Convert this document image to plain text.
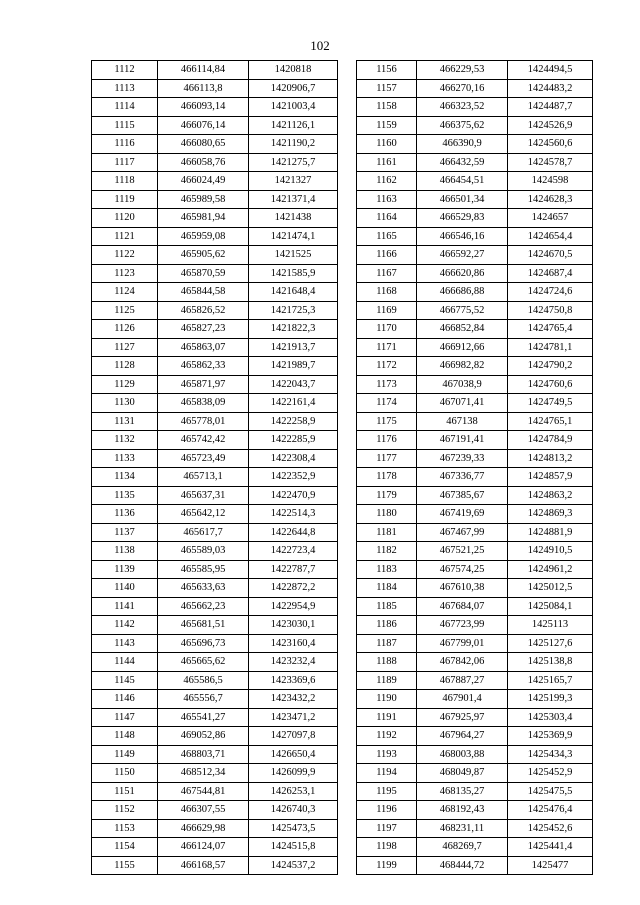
102
1112	466114,84	1420818
1113	466113,8	1420906,7
1114	466093,14	1421003,4
1115	466076,14	1421126,1
1116	466080,65	1421190,2
1117	466058,76	1421275,7
1118	466024,49	1421327
1119	465989,58	1421371,4
1120	465981,94	1421438
1121	465959,08	1421474,1
1122	465905,62	1421525
1123	465870,59	1421585,9
1124	465844,58	1421648,4
1125	465826,52	1421725,3
1126	465827,23	1421822,3
1127	465863,07	1421913,7
1128	465862,33	1421989,7
1129	465871,97	1422043,7
1130	465838,09	1422161,4
1131	465778,01	1422258,9
1132	465742,42	1422285,9
1133	465723,49	1422308,4
1134	465713,1	1422352,9
1135	465637,31	1422470,9
1136	465642,12	1422514,3
1137	465617,7	1422644,8
1138	465589,03	1422723,4
1139	465585,95	1422787,7
1140	465633,63	1422872,2
1141	465662,23	1422954,9
1142	465681,51	1423030,1
1143	465696,73	1423160,4
1144	465665,62	1423232,4
1145	465586,5	1423369,6
1146	465556,7	1423432,2
1147	465541,27	1423471,2
1148	469052,86	1427097,8
1149	468803,71	1426650,4
1150	468512,34	1426099,9
1151	467544,81	1426253,1
1152	466307,55	1426740,3
1153	466629,98	1425473,5
1154	466124,07	1424515,8
1155	466168,57	1424537,2
1156	466229,53	1424494,5
1157	466270,16	1424483,2
1158	466323,52	1424487,7
1159	466375,62	1424526,9
1160	466390,9	1424560,6
1161	466432,59	1424578,7
1162	466454,51	1424598
1163	466501,34	1424628,3
1164	466529,83	1424657
1165	466546,16	1424654,4
1166	466592,27	1424670,5
1167	466620,86	1424687,4
1168	466686,88	1424724,6
1169	466775,52	1424750,8
1170	466852,84	1424765,4
1171	466912,66	1424781,1
1172	466982,82	1424790,2
1173	467038,9	1424760,6
1174	467071,41	1424749,5
1175	467138	1424765,1
1176	467191,41	1424784,9
1177	467239,33	1424813,2
1178	467336,77	1424857,9
1179	467385,67	1424863,2
1180	467419,69	1424869,3
1181	467467,99	1424881,9
1182	467521,25	1424910,5
1183	467574,25	1424961,2
1184	467610,38	1425012,5
1185	467684,07	1425084,1
1186	467723,99	1425113
1187	467799,01	1425127,6
1188	467842,06	1425138,8
1189	467887,27	1425165,7
1190	467901,4	1425199,3
1191	467925,97	1425303,4
1192	467964,27	1425369,9
1193	468003,88	1425434,3
1194	468049,87	1425452,9
1195	468135,27	1425475,5
1196	468192,43	1425476,4
1197	468231,11	1425452,6
1198	468269,7	1425441,4
1199	468444,72	1425477
